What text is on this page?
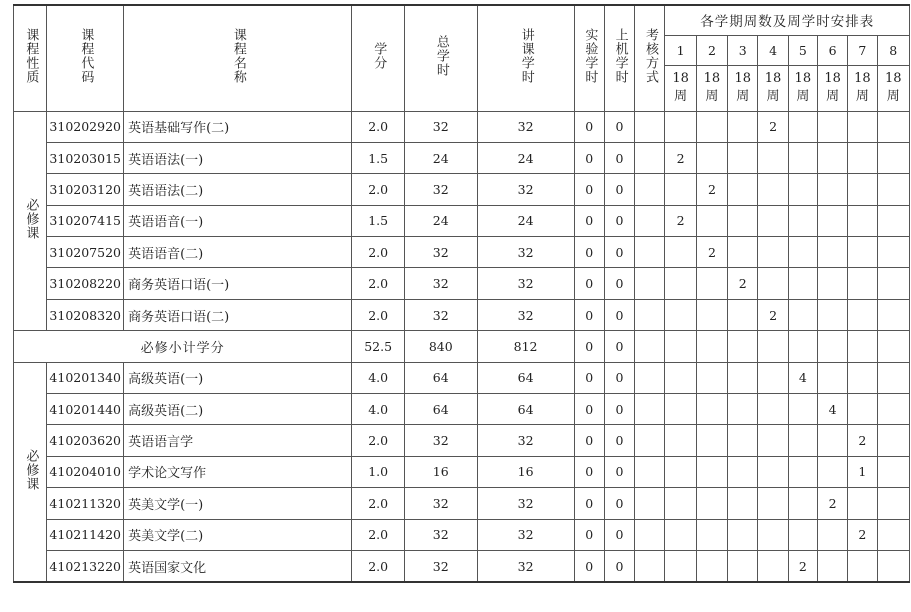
课程性质	课程代码	课程名称	学分	总学时	讲课学时	实验学时	上机学时	考核方式	各学期周数及周学时安排表							
									1	2	3	4	5	6	7	8
									18周	18周	18周	18周	18周	18周	18周	18周
必修课	310202920	英语基础写作(二)	2.0	32	32	0	0					2				
	310203015	英语语法(一)	1.5	24	24	0	0		2							
	310203120	英语语法(二)	2.0	32	32	0	0			2						
	310207415	英语语音(一)	1.5	24	24	0	0		2							
	310207520	英语语音(二)	2.0	32	32	0	0			2						
	310208220	商务英语口语(一)	2.0	32	32	0	0				2					
	310208320	商务英语口语(二)	2.0	32	32	0	0					2				
必修小计学分			52.5	840	812	0	0									
必修课	410201340	高级英语(一)	4.0	64	64	0	0						4			
	410201440	高级英语(二)	4.0	64	64	0	0							4		
	410203620	英语语言学	2.0	32	32	0	0								2	
	410204010	学术论文写作	1.0	16	16	0	0								1	
	410211320	英美文学(一)	2.0	32	32	0	0							2		
	410211420	英美文学(二)	2.0	32	32	0	0								2	
	410213220	英语国家文化	2.0	32	32	0	0						2			
